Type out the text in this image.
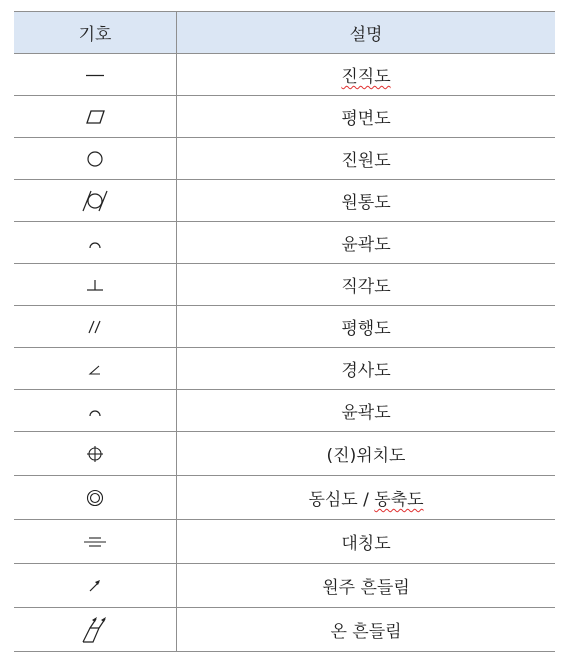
기호	설명

	진직도

	평면도

	진원도

	원통도

	윤곽도

	직각도

	평행도

	경사도

	윤곽도

	(진)위치도

	동심도 / 동축도

	대칭도

	원주 흔들림

	온 흔들림
